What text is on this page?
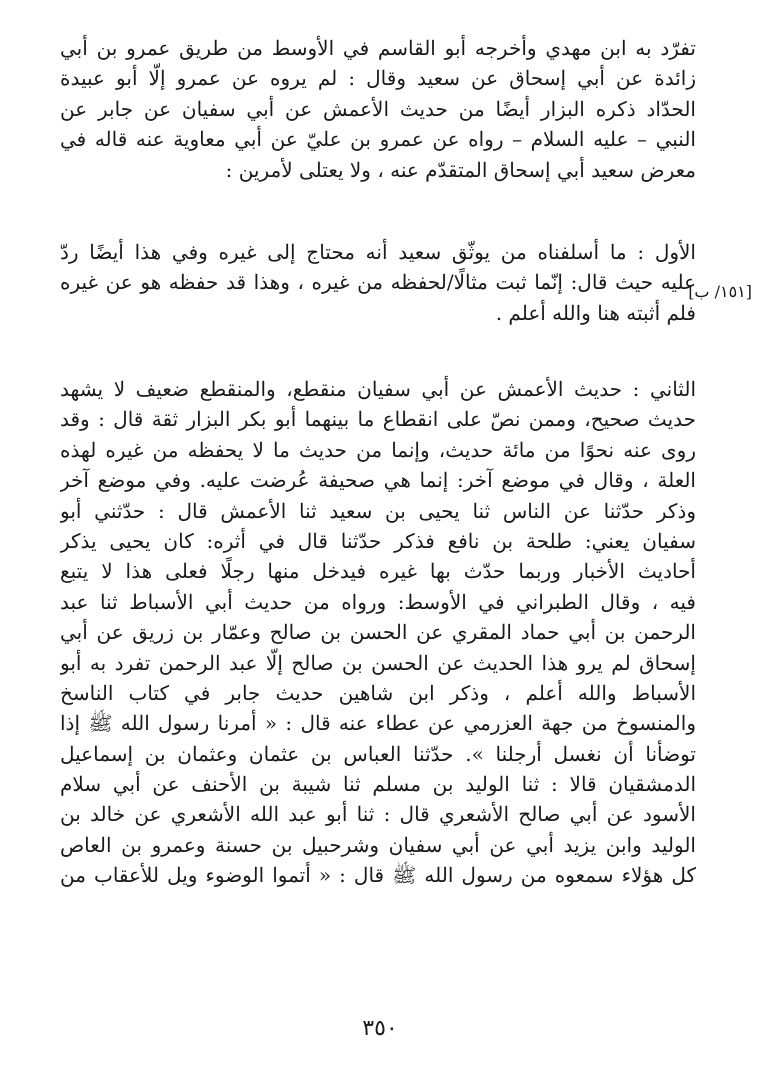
تفرّد به ابن مهدي وأخرجه أبو القاسم في الأوسط من طريق عمرو بن أبي
زائدة عن أبي إسحاق عن سعيد وقال : لم يروه عن عمرو إلّا أبو عبيدة
الحدّاد ذكره البزار أيضًا من حديث الأعمش عن أبي سفيان عن جابر عن
النبي – عليه السلام – رواه عن عمرو بن عليّ عن أبي معاوية عنه قاله في
معرض سعيد أبي إسحاق المتقدّم عنه ، ولا يعتلى لأمرين :
الأول : ما أسلفناه من يوثّق سعيد أنه محتاج إلى غيره وفي هذا أيضًا ردّ
عليه حيث قال: إنّما ثبت مثالًا/لحفظه من غيره ، وهذا قد حفظه هو عن غيره
فلم أثبته هنا والله أعلم .
[١٥١/ ب]
الثاني : حديث الأعمش عن أبي سفيان منقطع، والمنقطع ضعيف لا يشهد
حديث صحيح، وممن نصّ على انقطاع ما بينهما أبو بكر البزار ثقة قال : وقد
روى عنه نحوًا من مائة حديث، وإنما من حديث ما لا يحفظه من غيره لهذه
العلة ، وقال في موضع آخر: إنما هي صحيفة عُرضت عليه. وفي موضع آخر
وذكر حدّثنا عن الناس ثنا يحيى بن سعيد ثنا الأعمش قال : حدّثني أبو
سفيان يعني: طلحة بن نافع فذكر حدّثنا قال في أثره: كان يحيى يذكر
أحاديث الأخبار وربما حدّث بها غيره فيدخل منها رجلًا فعلى هذا لا يتبع
فيه ، وقال الطبراني في الأوسط: ورواه من حديث أبي الأسباط ثنا عبد
الرحمن بن أبي حماد المقري عن الحسن بن صالح وعمّار بن زريق عن أبي
إسحاق لم يرو هذا الحديث عن الحسن بن صالح إلّا عبد الرحمن تفرد به أبو
الأسباط والله أعلم ، وذكر ابن شاهين حديث جابر في كتاب الناسخ
والمنسوخ من جهة العزرمي عن عطاء عنه قال : « أمرنا رسول الله ﷺ إذا
توضأنا أن نغسل أرجلنا ». حدّثنا العباس بن عثمان وعثمان بن إسماعيل
الدمشقيان قالا : ثنا الوليد بن مسلم ثنا شيبة بن الأحنف عن أبي سلام
الأسود عن أبي صالح الأشعري قال : ثنا أبو عبد الله الأشعري عن خالد بن
الوليد وابن يزيد أبي عن أبي سفيان وشرحبيل بن حسنة وعمرو بن العاص
كل هؤلاء سمعوه من رسول الله ﷺ قال : « أتموا الوضوء ويل للأعقاب من
٣٥٠
